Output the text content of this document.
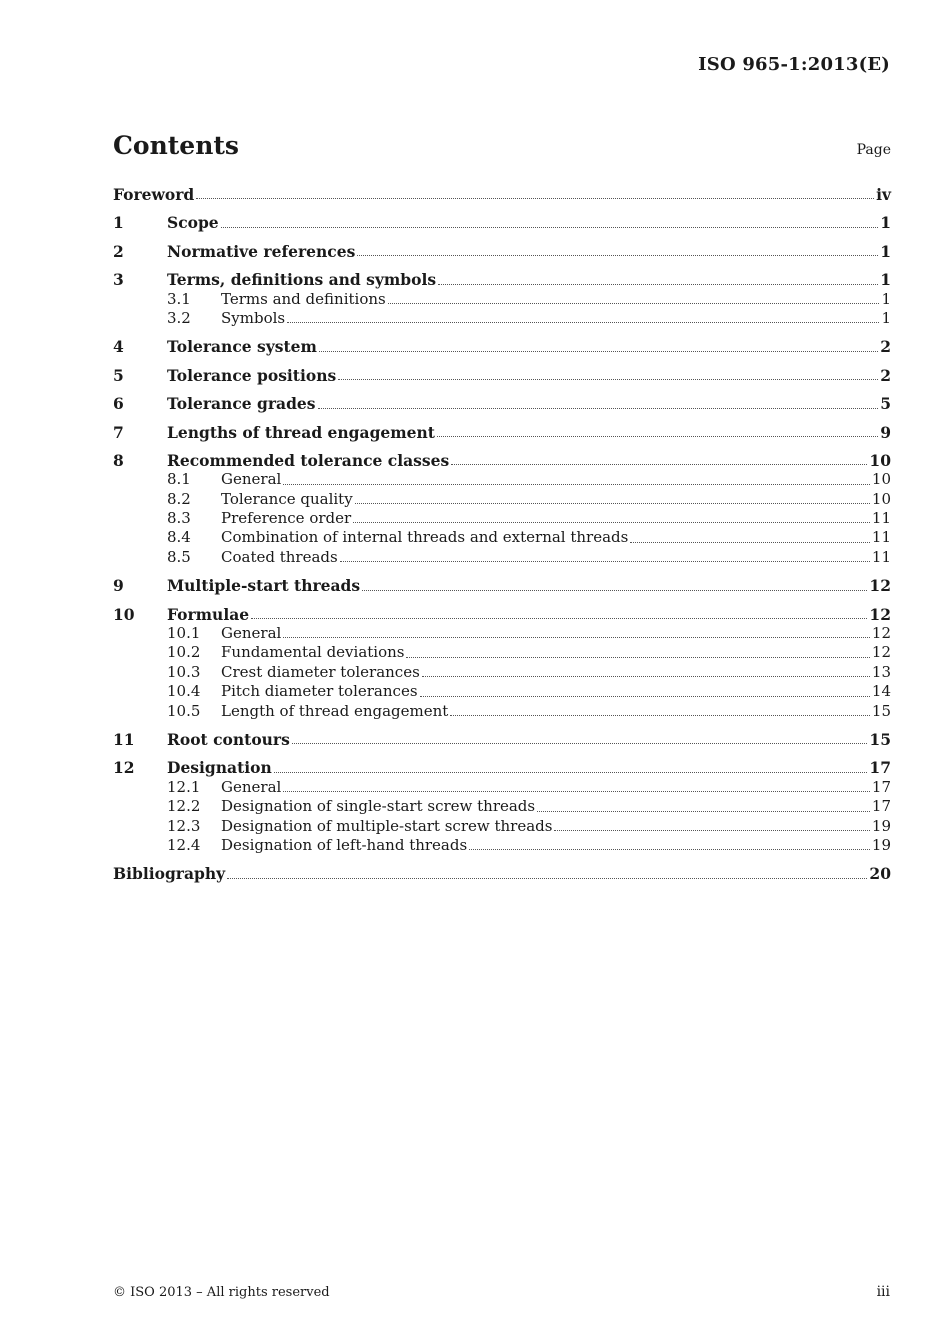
ISO 965-1:2013(E)
Contents	Page
Foreword	iv
1	Scope	1
2	Normative references	1
3	Terms, definitions and symbols	1
3.1	Terms and definitions	1
3.2	Symbols	1
4	Tolerance system	2
5	Tolerance positions	2
6	Tolerance grades	5
7	Lengths of thread engagement	9
8	Recommended tolerance classes	10
8.1	General	10
8.2	Tolerance quality	10
8.3	Preference order	11
8.4	Combination of internal threads and external threads	11
8.5	Coated threads	11
9	Multiple-start threads	12
10	Formulae	12
10.1	General	12
10.2	Fundamental deviations	12
10.3	Crest diameter tolerances	13
10.4	Pitch diameter tolerances	14
10.5	Length of thread engagement	15
11	Root contours	15
12	Designation	17
12.1	General	17
12.2	Designation of single-start screw threads	17
12.3	Designation of multiple-start screw threads	19
12.4	Designation of left-hand threads	19
Bibliography	20
© ISO 2013 – All rights reserved	iii
